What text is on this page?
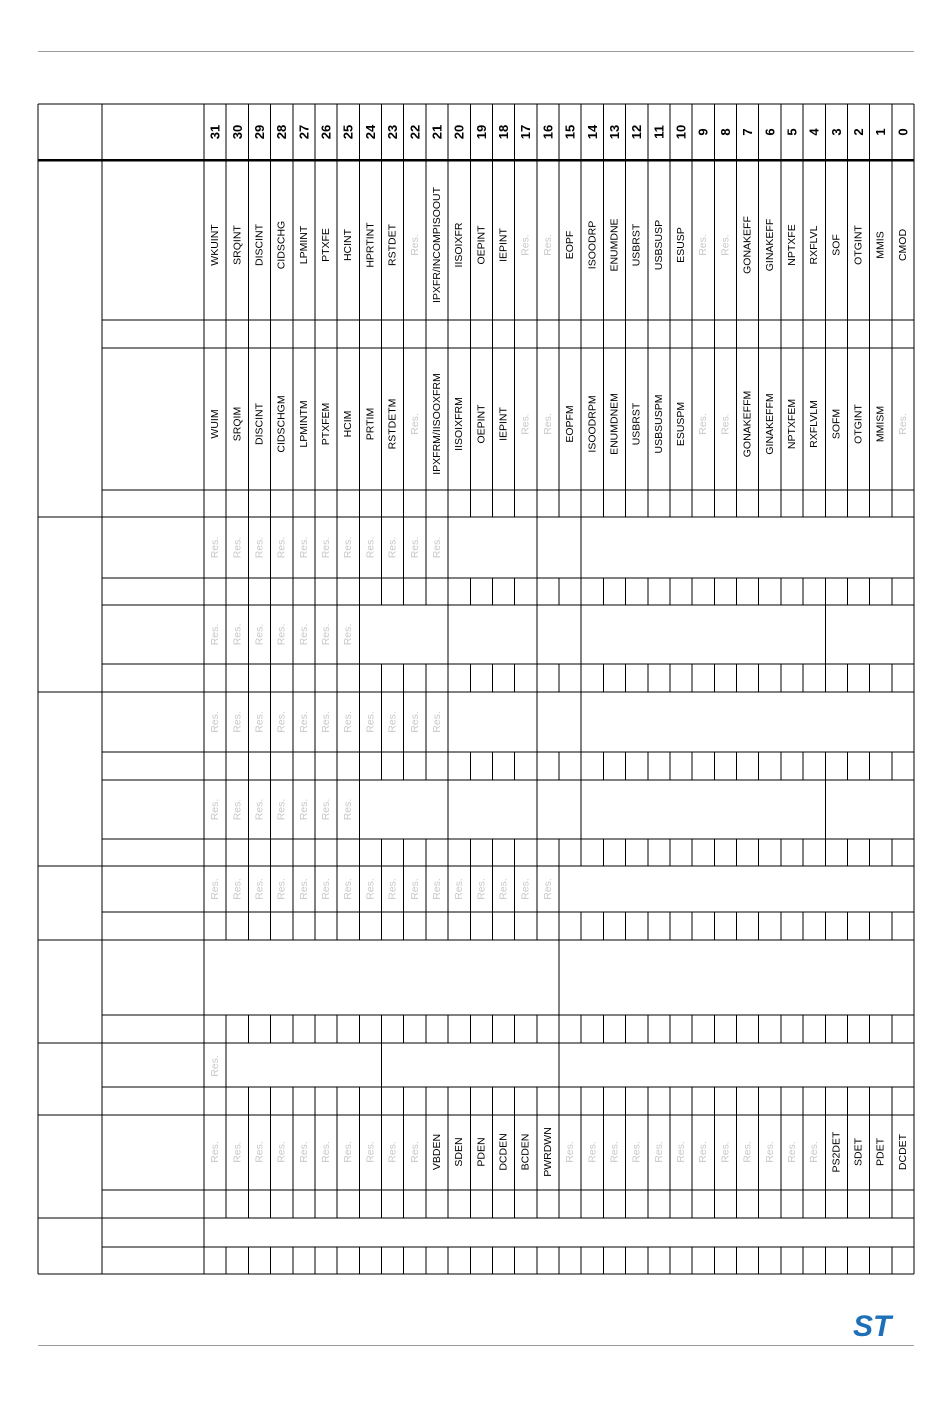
31 30 29 28 27 26 25 24 23 22 21 20 19 18 17 16 15 14 13 12 11 10 9 8 7 6 5 4 3 2 1 0
WKUINT SRQINT DISCINT CIDSCHG LPMINT PTXFE HCINT HPRTINT RSTDET Res. IPXFR/INCOMPISOOUT IISOIXFR OEPINT IEPINT Res. Res. EOPF ISOODRP ENUMDNE USBRST USBSUSP ESUSP Res. Res. GONAKEFF GINAKEFF NPTXFE RXFLVL SOF OTGINT MMIS CMOD
WUIM SRQIM DISCINT CIDSCHGM LPMINTM PTXFEM HCIM PRTIM RSTDETM Res. IPXFRM/IISOOXFRM IISOIXFRM OEPINT IEPINT Res. Res. EOPFM ISOODRPM ENUMDNEM USBRST USBSUSPM ESUSPM Res. Res. GONAKEFFM GINAKEFFM NPTXFEM RXFLVLM SOFM OTGINT MMISM Res.
Res. Res. Res. Res. Res. Res. Res. Res. Res. Res. Res.
Res. Res. Res. Res. Res. Res. Res.
Res. Res. Res. Res. Res. Res. Res. Res. Res. Res. Res.
Res. Res. Res. Res. Res. Res. Res.
Res. Res. Res. Res. Res. Res. Res. Res. Res. Res. Res. Res. Res. Res. Res. Res.
Res.
Res. Res. Res. Res. Res. Res. Res. Res. Res. Res. VBDEN SDEN PDEN DCDEN BCDEN PWRDWN Res. Res. Res. Res. Res. Res. Res. Res. Res. Res. Res. Res. PS2DET SDET PDET DCDET
ST
